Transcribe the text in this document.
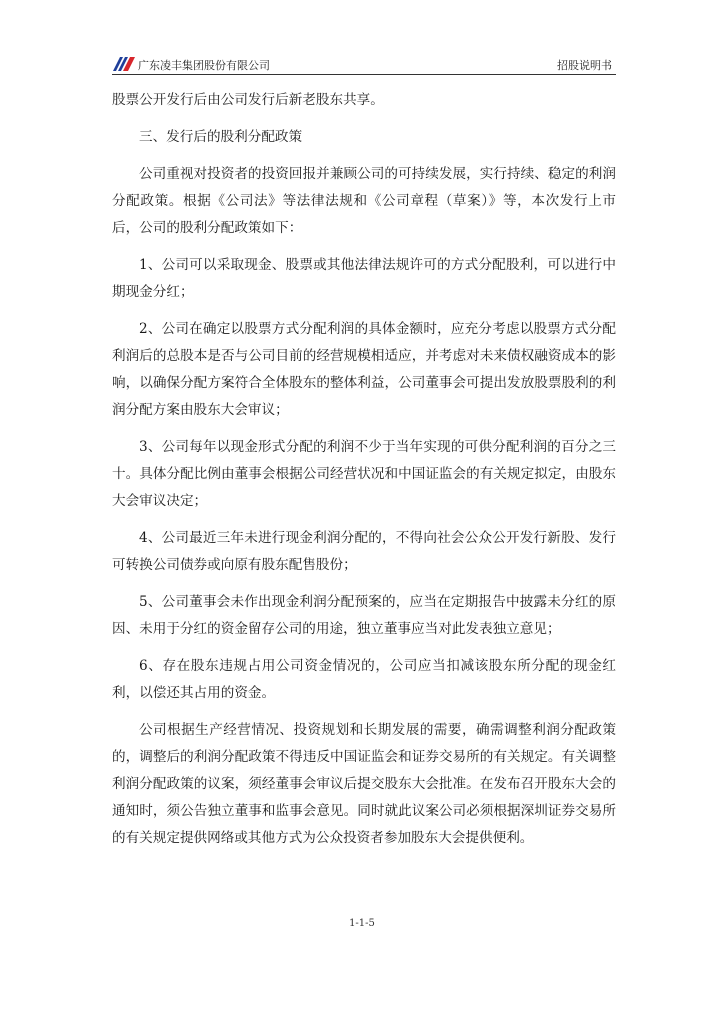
广东凌丰集团股份有限公司	招股说明书

股票公开发行后由公司发行后新老股东共享。

三、发行后的股利分配政策

公司重视对投资者的投资回报并兼顾公司的可持续发展，实行持续、稳定的利润分配政策。根据《公司法》等法律法规和《公司章程（草案）》等，本次发行上市后，公司的股利分配政策如下：

1、公司可以采取现金、股票或其他法律法规许可的方式分配股利，可以进行中期现金分红；

2、公司在确定以股票方式分配利润的具体金额时，应充分考虑以股票方式分配利润后的总股本是否与公司目前的经营规模相适应，并考虑对未来债权融资成本的影响，以确保分配方案符合全体股东的整体利益，公司董事会可提出发放股票股利的利润分配方案由股东大会审议；

3、公司每年以现金形式分配的利润不少于当年实现的可供分配利润的百分之三十。具体分配比例由董事会根据公司经营状况和中国证监会的有关规定拟定，由股东大会审议决定；

4、公司最近三年未进行现金利润分配的，不得向社会公众公开发行新股、发行可转换公司债券或向原有股东配售股份；

5、公司董事会未作出现金利润分配预案的，应当在定期报告中披露未分红的原因、未用于分红的资金留存公司的用途，独立董事应当对此发表独立意见；

6、存在股东违规占用公司资金情况的，公司应当扣减该股东所分配的现金红利，以偿还其占用的资金。

公司根据生产经营情况、投资规划和长期发展的需要，确需调整利润分配政策的，调整后的利润分配政策不得违反中国证监会和证券交易所的有关规定。有关调整利润分配政策的议案，须经董事会审议后提交股东大会批准。在发布召开股东大会的通知时，须公告独立董事和监事会意见。同时就此议案公司必须根据深圳证券交易所的有关规定提供网络或其他方式为公众投资者参加股东大会提供便利。

1-1-5
